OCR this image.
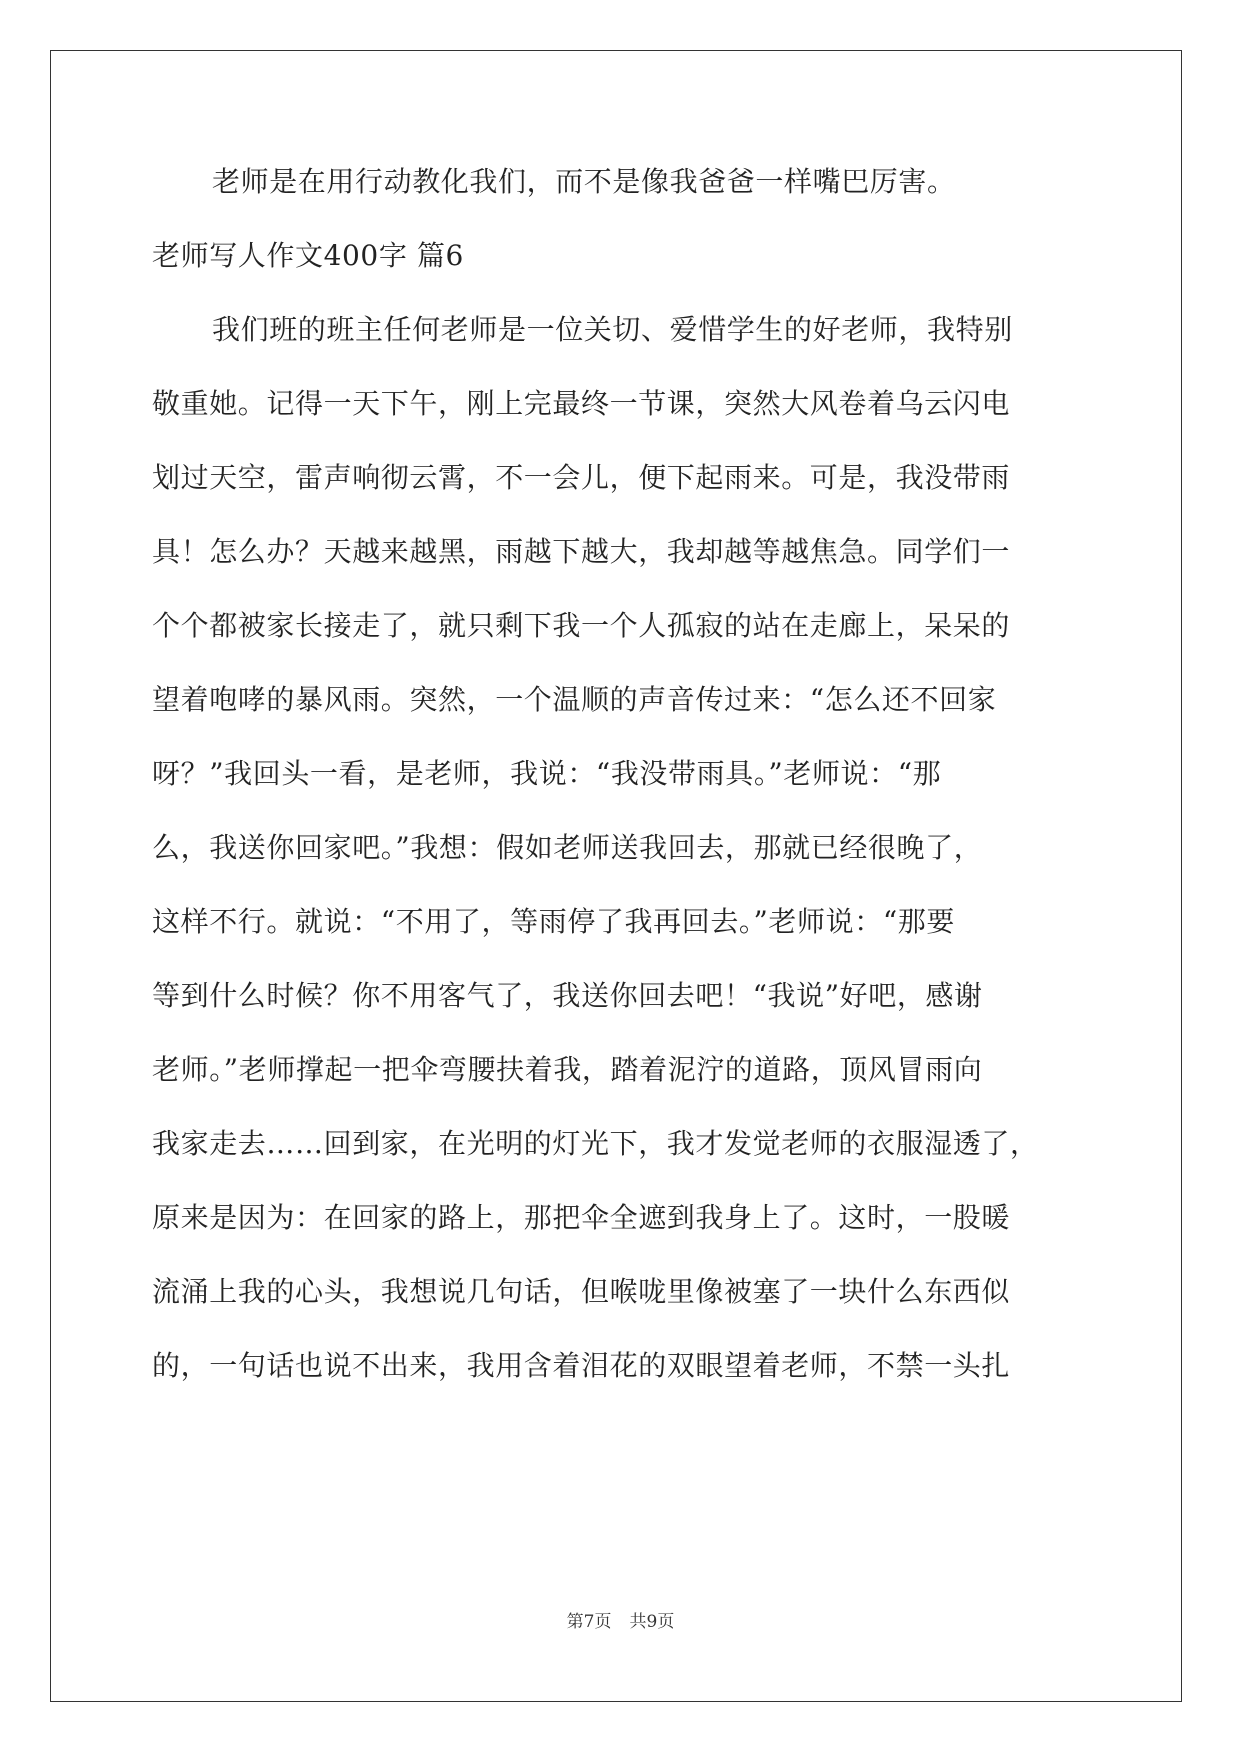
老师是在用行动教化我们，而不是像我爸爸一样嘴巴厉害。
老师写人作文400字 篇6
我们班的班主任何老师是一位关切、爱惜学生的好老师，我特别
敬重她。记得一天下午，刚上完最终一节课，突然大风卷着乌云闪电
划过天空，雷声响彻云霄，不一会儿，便下起雨来。可是，我没带雨
具！怎么办？天越来越黑，雨越下越大，我却越等越焦急。同学们一
个个都被家长接走了，就只剩下我一个人孤寂的站在走廊上，呆呆的
望着咆哮的暴风雨。突然，一个温顺的声音传过来：“怎么还不回家
呀？”我回头一看，是老师，我说：“我没带雨具。”老师说：“那
么，我送你回家吧。”我想：假如老师送我回去，那就已经很晚了，
这样不行。就说：“不用了，等雨停了我再回去。”老师说：“那要
等到什么时候？你不用客气了，我送你回去吧！“我说”好吧，感谢
老师。”老师撑起一把伞弯腰扶着我，踏着泥泞的道路，顶风冒雨向
我家走去……回到家，在光明的灯光下，我才发觉老师的衣服湿透了，
原来是因为：在回家的路上，那把伞全遮到我身上了。这时，一股暖
流涌上我的心头，我想说几句话，但喉咙里像被塞了一块什么东西似
的，一句话也说不出来，我用含着泪花的双眼望着老师，不禁一头扎
第7页 共9页
